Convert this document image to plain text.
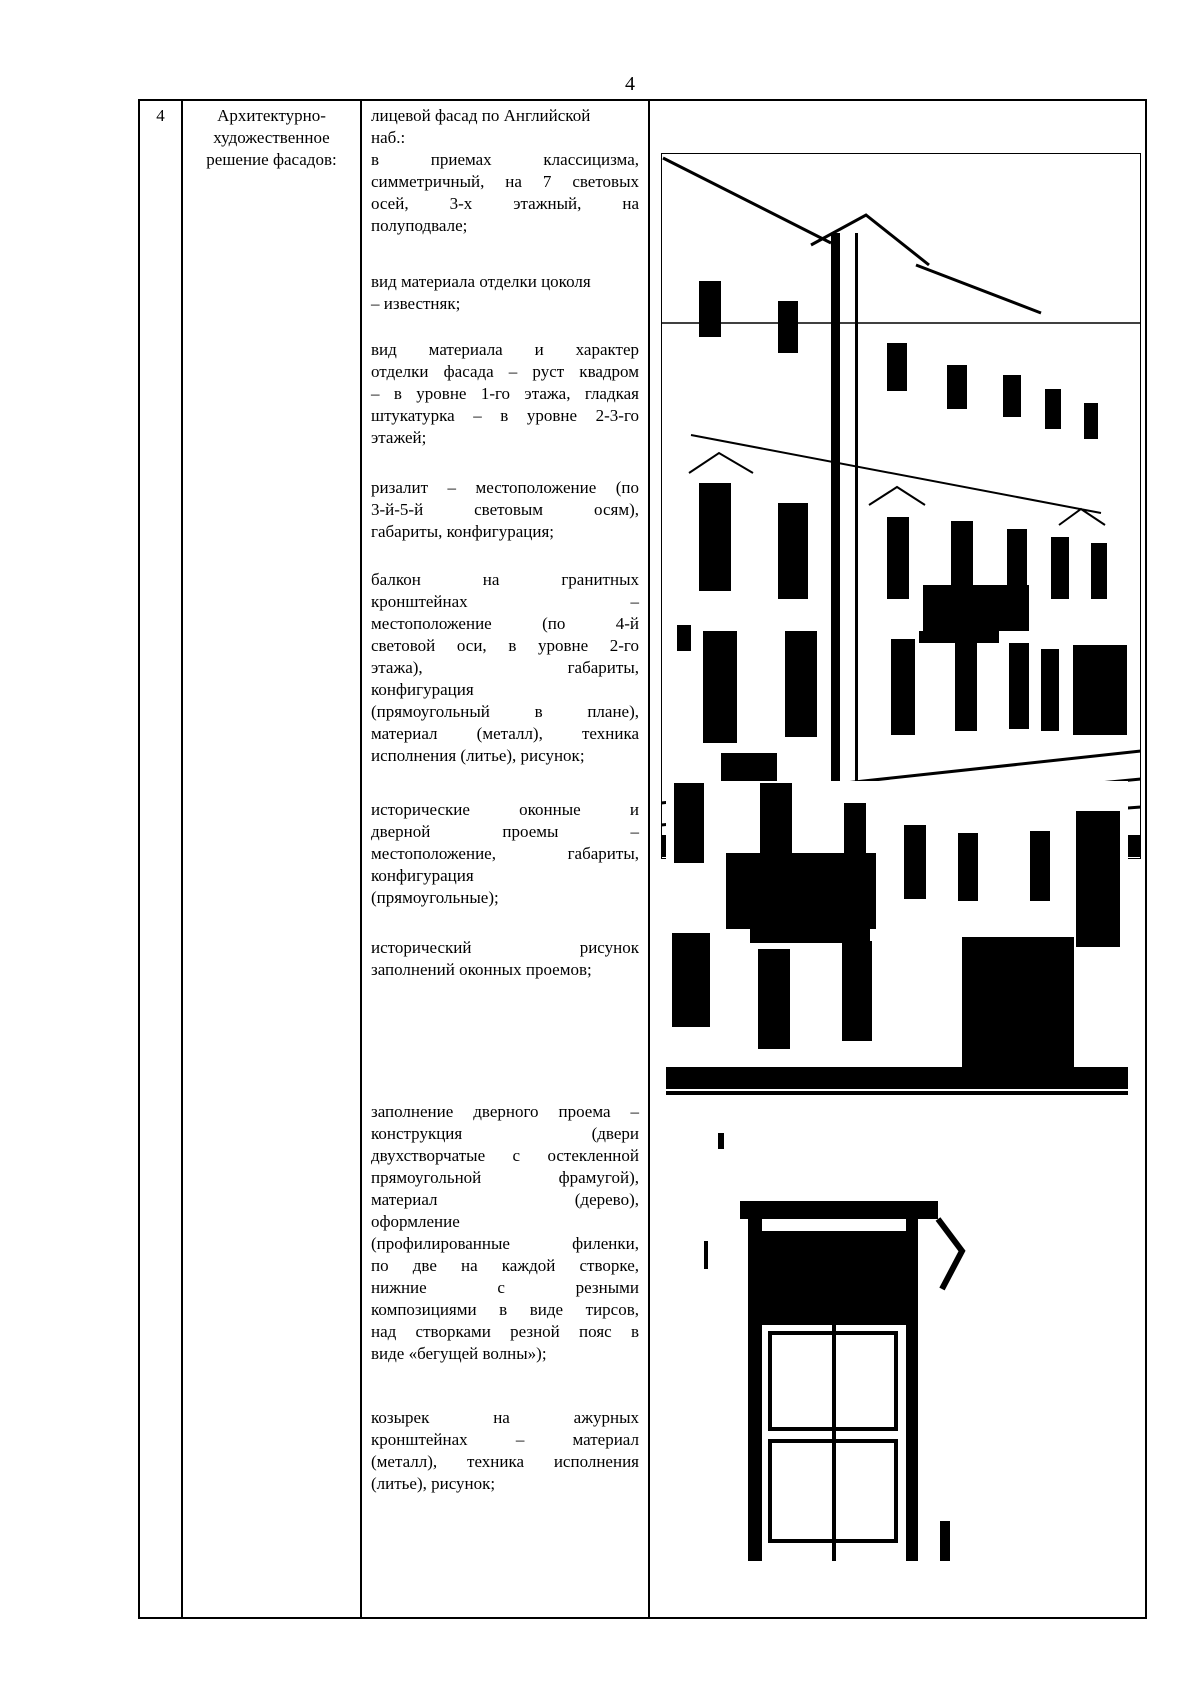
4
4	Архитектурно-
художественное
решение фасадов:
лицевой фасад по Английской
наб.:
в приемах классицизма,
симметричный, на 7 световых
осей, 3-х этажный, на
полуподвале;
вид материала отделки цоколя
– известняк;
вид материала и характер
отделки фасада – руст квадром
– в уровне 1-го этажа, гладкая
штукатурка – в уровне 2-3-го
этажей;
ризалит – местоположение (по
3-й-5-й световым осям),
габариты, конфигурация;
балкон на гранитных
кронштейнах –
местоположение (по 4-й
световой оси, в уровне 2-го
этажа), габариты,
конфигурация
(прямоугольный в плане),
материал (металл), техника
исполнения (литье), рисунок;
исторические оконные и
дверной проемы –
местоположение, габариты,
конфигурация
(прямоугольные);
исторический рисунок
заполнений оконных проемов;
заполнение дверного проема –
конструкция (двери
двухстворчатые с остекленной
прямоугольной фрамугой),
материал (дерево),
оформление
(профилированные филенки,
по две на каждой створке,
нижние с резными
композициями в виде тирсов,
над створками резной пояс в
виде «бегущей волны»);
козырек на ажурных
кронштейнах – материал
(металл), техника исполнения
(литье), рисунок;
